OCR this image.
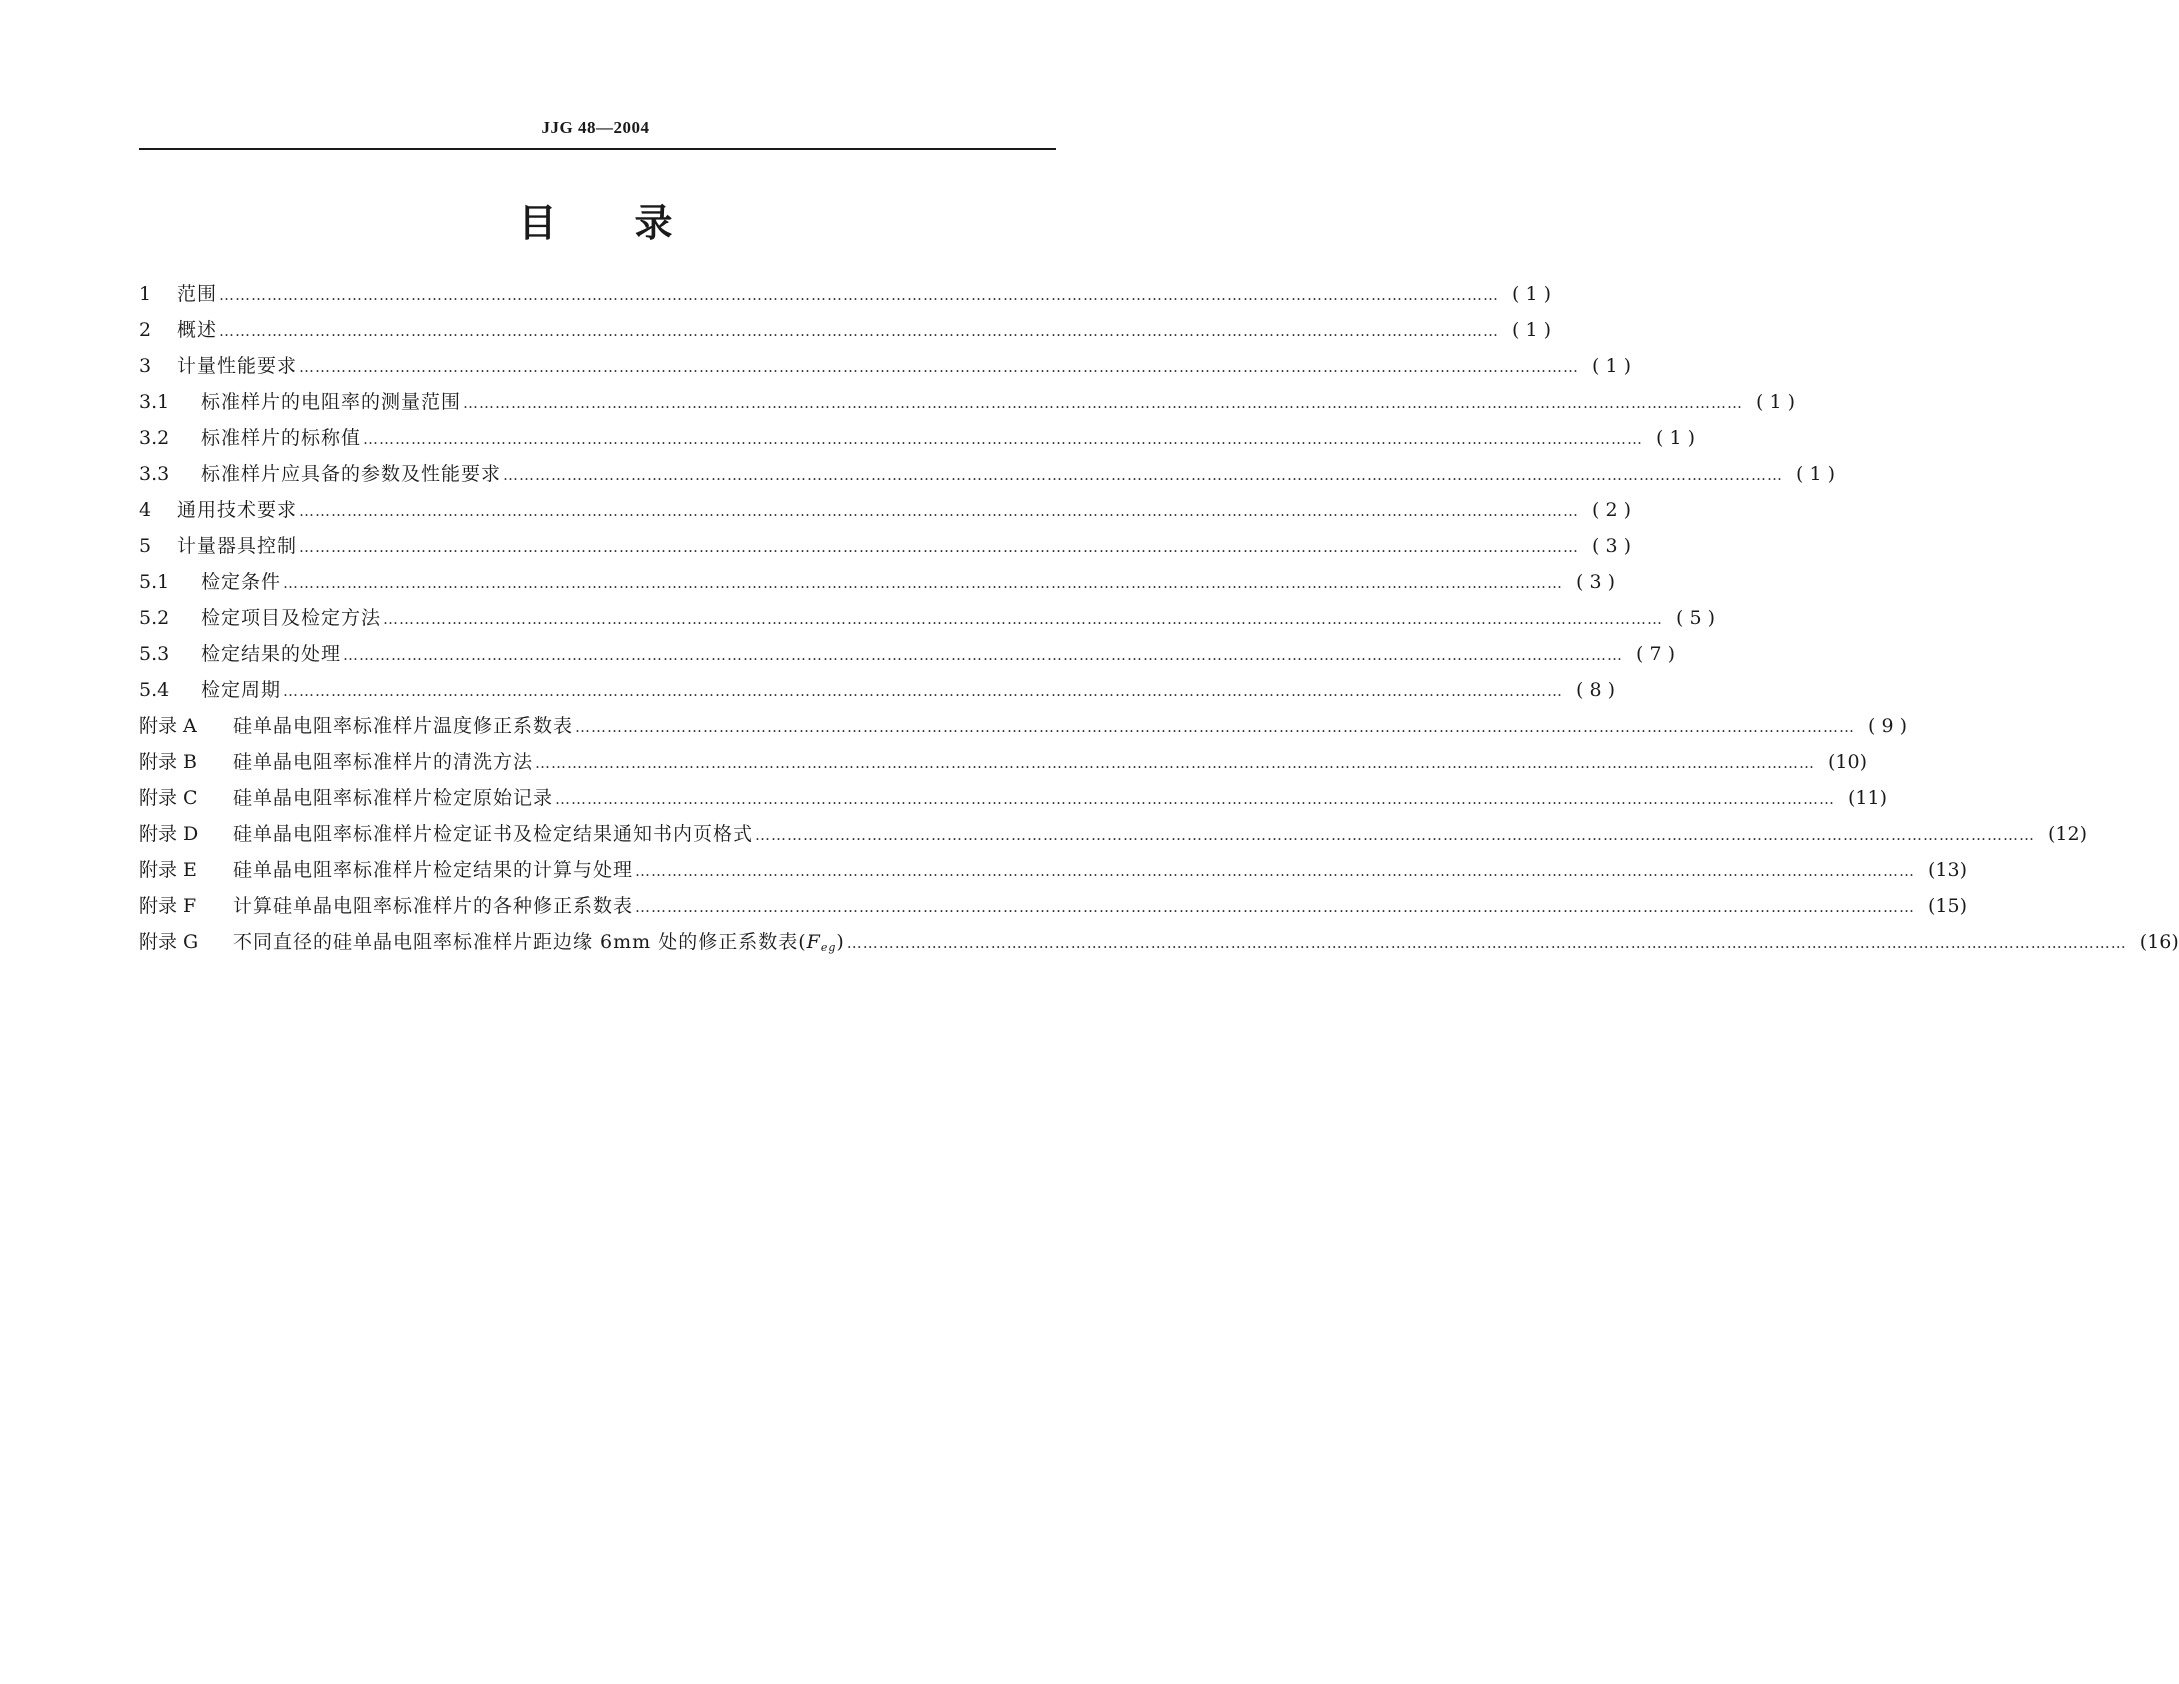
JJG 48—2004
目录
1	范围 …………………………………………………………………………………………………………………………………………………………………………………………………………………… ( 1 )
2	概述 …………………………………………………………………………………………………………………………………………………………………………………………………………………… ( 1 )
3	计量性能要求 …………………………………………………………………………………………………………………………………………………………………………………………………………………… ( 1 )
3.1	标准样片的电阻率的测量范围 …………………………………………………………………………………………………………………………………………………………………………………………………………………… ( 1 )
3.2	标准样片的标称值 …………………………………………………………………………………………………………………………………………………………………………………………………………………… ( 1 )
3.3	标准样片应具备的参数及性能要求 …………………………………………………………………………………………………………………………………………………………………………………………………………………… ( 1 )
4	通用技术要求 …………………………………………………………………………………………………………………………………………………………………………………………………………………… ( 2 )
5	计量器具控制 …………………………………………………………………………………………………………………………………………………………………………………………………………………… ( 3 )
5.1	检定条件 …………………………………………………………………………………………………………………………………………………………………………………………………………………… ( 3 )
5.2	检定项目及检定方法 …………………………………………………………………………………………………………………………………………………………………………………………………………………… ( 5 )
5.3	检定结果的处理 …………………………………………………………………………………………………………………………………………………………………………………………………………………… ( 7 )
5.4	检定周期 …………………………………………………………………………………………………………………………………………………………………………………………………………………… ( 8 )
附录 A	硅单晶电阻率标准样片温度修正系数表 …………………………………………………………………………………………………………………………………………………………………………………………………………………… ( 9 )
附录 B	硅单晶电阻率标准样片的清洗方法 …………………………………………………………………………………………………………………………………………………………………………………………………………………… (10)
附录 C	硅单晶电阻率标准样片检定原始记录 …………………………………………………………………………………………………………………………………………………………………………………………………………………… (11)
附录 D	硅单晶电阻率标准样片检定证书及检定结果通知书内页格式 …………………………………………………………………………………………………………………………………………………………………………………………………………………… (12)
附录 E	硅单晶电阻率标准样片检定结果的计算与处理 …………………………………………………………………………………………………………………………………………………………………………………………………………………… (13)
附录 F	计算硅单晶电阻率标准样片的各种修正系数表 …………………………………………………………………………………………………………………………………………………………………………………………………………………… (15)
附录 G	不同直径的硅单晶电阻率标准样片距边缘 6mm 处的修正系数表$(F_{eg})$ …………………………………………………………………………………………………………………………………………………………………………………………………………………… (16)
